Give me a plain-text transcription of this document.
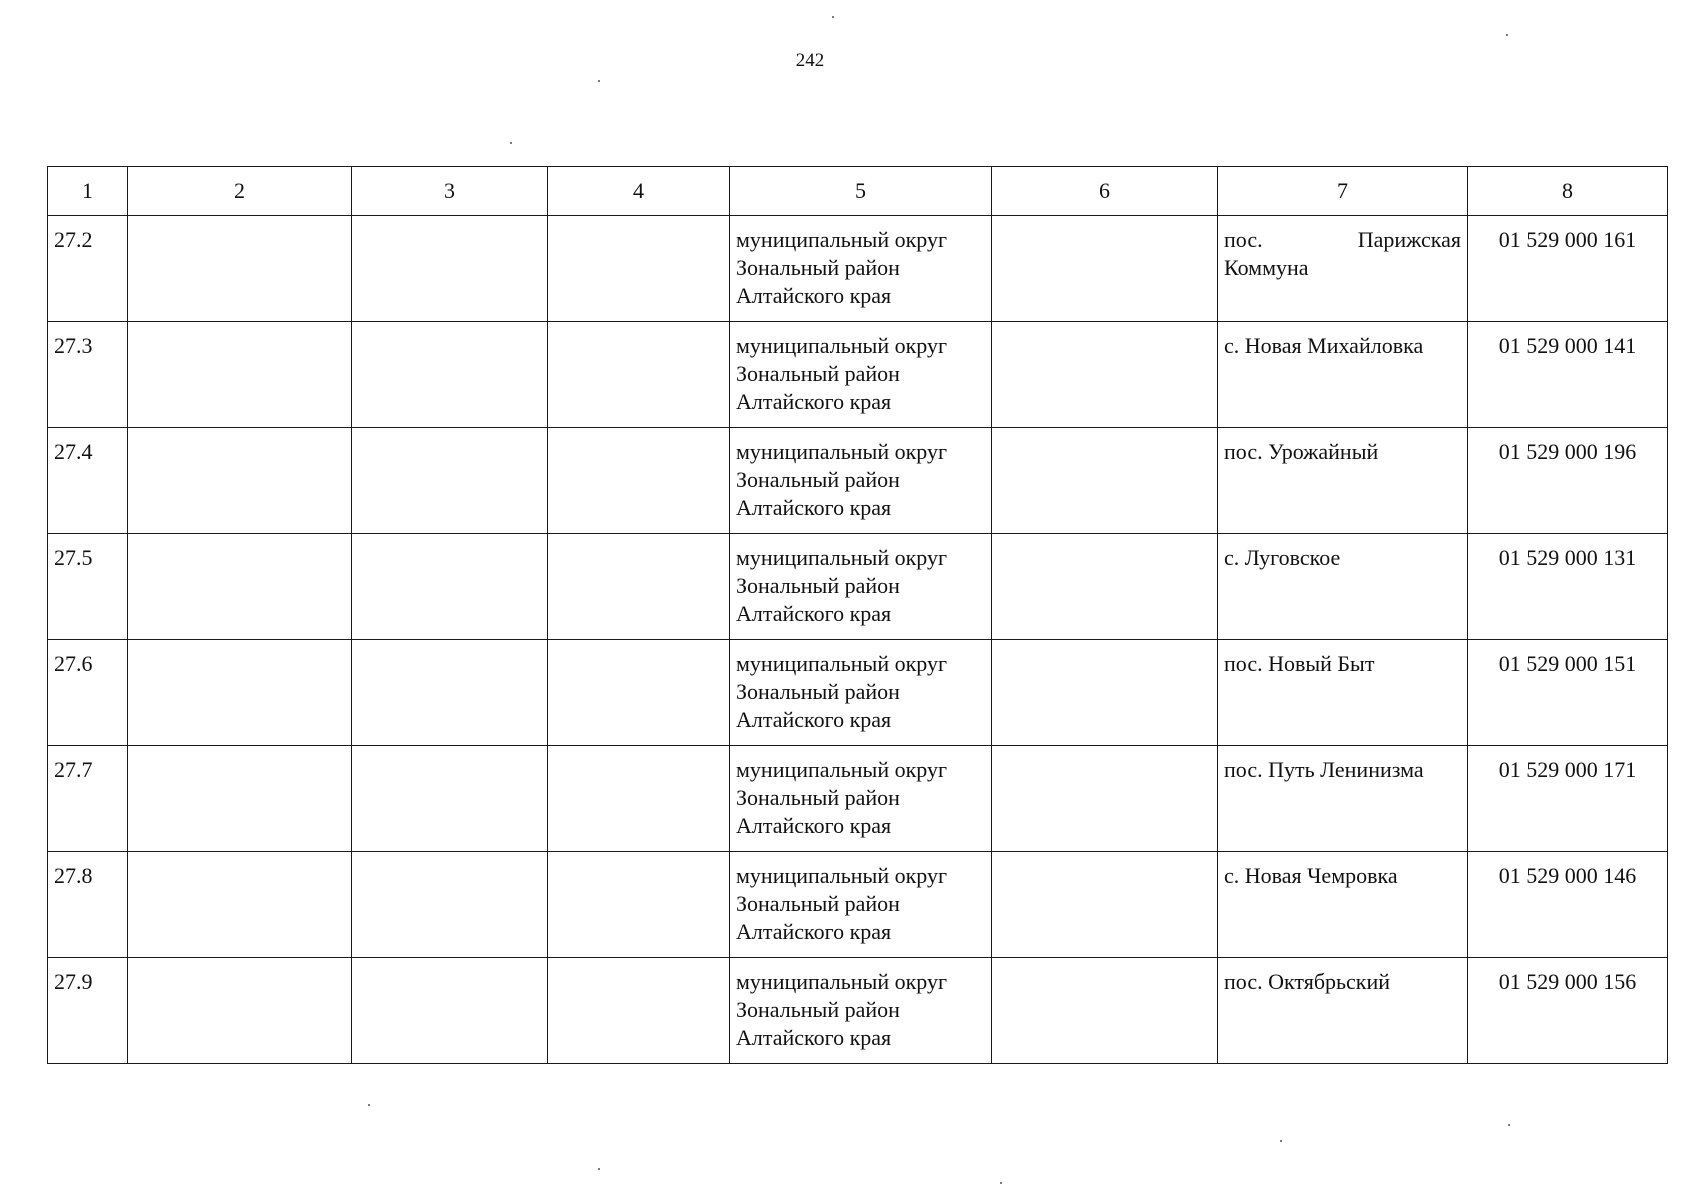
242
1	2	3	4	5	6	7	8
27.2				муниципальный округ Зональный район Алтайского края		пос. Парижская Коммуна	01 529 000 161
27.3				муниципальный округ Зональный район Алтайского края		с. Новая Михайловка	01 529 000 141
27.4				муниципальный округ Зональный район Алтайского края		пос. Урожайный	01 529 000 196
27.5				муниципальный округ Зональный район Алтайского края		с. Луговское	01 529 000 131
27.6				муниципальный округ Зональный район Алтайского края		пос. Новый Быт	01 529 000 151
27.7				муниципальный округ Зональный район Алтайского края		пос. Путь Ленинизма	01 529 000 171
27.8				муниципальный округ Зональный район Алтайского края		с. Новая Чемровка	01 529 000 146
27.9				муниципальный округ Зональный район Алтайского края		пос. Октябрьский	01 529 000 156
